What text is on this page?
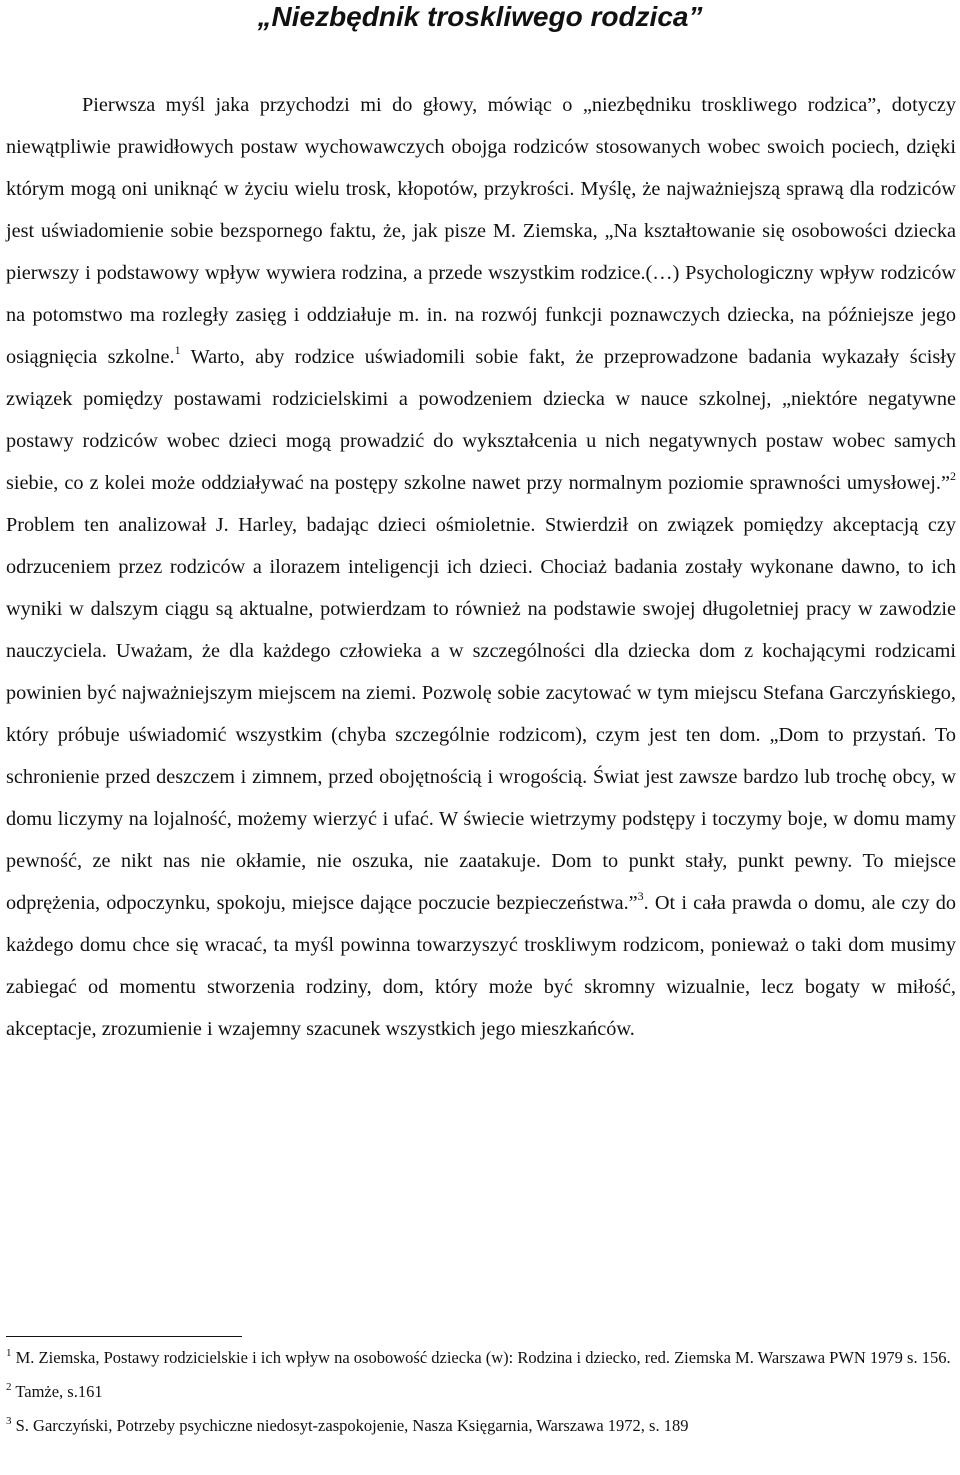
„Niezbędnik troskliwego rodzica”

Pierwsza myśl jaka przychodzi mi do głowy, mówiąc o „niezbędniku troskliwego rodzica”, dotyczy niewątpliwie prawidłowych postaw wychowawczych obojga rodziców stosowanych wobec swoich pociech, dzięki którym mogą oni uniknąć w życiu wielu trosk, kłopotów, przykrości. Myślę, że najważniejszą sprawą dla rodziców jest uświadomienie sobie bezspornego faktu, że, jak pisze M. Ziemska, „Na kształtowanie się osobowości dziecka pierwszy i podstawowy wpływ wywiera rodzina, a przede wszystkim rodzice.(…) Psychologiczny wpływ rodziców na potomstwo ma rozległy zasięg i oddziałuje m. in. na rozwój funkcji poznawczych dziecka, na późniejsze jego osiągnięcia szkolne.$^1$ Warto, aby rodzice uświadomili sobie fakt, że przeprowadzone badania wykazały ścisły związek pomiędzy postawami rodzicielskimi a powodzeniem dziecka w nauce szkolnej, „niektóre negatywne postawy rodziców wobec dzieci mogą prowadzić do wykształcenia u nich negatywnych postaw wobec samych siebie, co z kolei może oddziaływać na postępy szkolne nawet przy normalnym poziomie sprawności umysłowej.”$^2$ Problem ten analizował J. Harley, badając dzieci ośmioletnie. Stwierdził on związek pomiędzy akceptacją czy odrzuceniem przez rodziców a ilorazem inteligencji ich dzieci. Chociaż badania zostały wykonane dawno, to ich wyniki w dalszym ciągu są aktualne, potwierdzam to również na podstawie swojej długoletniej pracy w zawodzie nauczyciela. Uważam, że dla każdego człowieka a w szczególności dla dziecka dom z kochającymi rodzicami powinien być najważniejszym miejscem na ziemi. Pozwolę sobie zacytować w tym miejscu Stefana Garczyńskiego, który próbuje uświadomić wszystkim (chyba szczególnie rodzicom), czym jest ten dom. „Dom to przystań. To schronienie przed deszczem i zimnem, przed obojętnością i wrogością. Świat jest zawsze bardzo lub trochę obcy, w domu liczymy na lojalność, możemy wierzyć i ufać. W świecie wietrzymy podstępy i toczymy boje, w domu mamy pewność, ze nikt nas nie okłamie, nie oszuka, nie zaatakuje. Dom to punkt stały, punkt pewny. To miejsce odprężenia, odpoczynku, spokoju, miejsce dające poczucie bezpieczeństwa.”$^3$. Ot i cała prawda o domu, ale czy do każdego domu chce się wracać, ta myśl powinna towarzyszyć troskliwym rodzicom, ponieważ o taki dom musimy zabiegać od momentu stworzenia rodziny, dom, który może być skromny wizualnie, lecz bogaty w miłość, akceptacje, zrozumienie i wzajemny szacunek wszystkich jego mieszkańców.

$^1$ M. Ziemska, Postawy rodzicielskie i ich wpływ na osobowość dziecka (w): Rodzina i dziecko, red. Ziemska M. Warszawa PWN 1979 s. 156.

$^2$ Tamże, s.161

$^3$ S. Garczyński, Potrzeby psychiczne niedosyt-zaspokojenie, Nasza Księgarnia, Warszawa 1972, s. 189
